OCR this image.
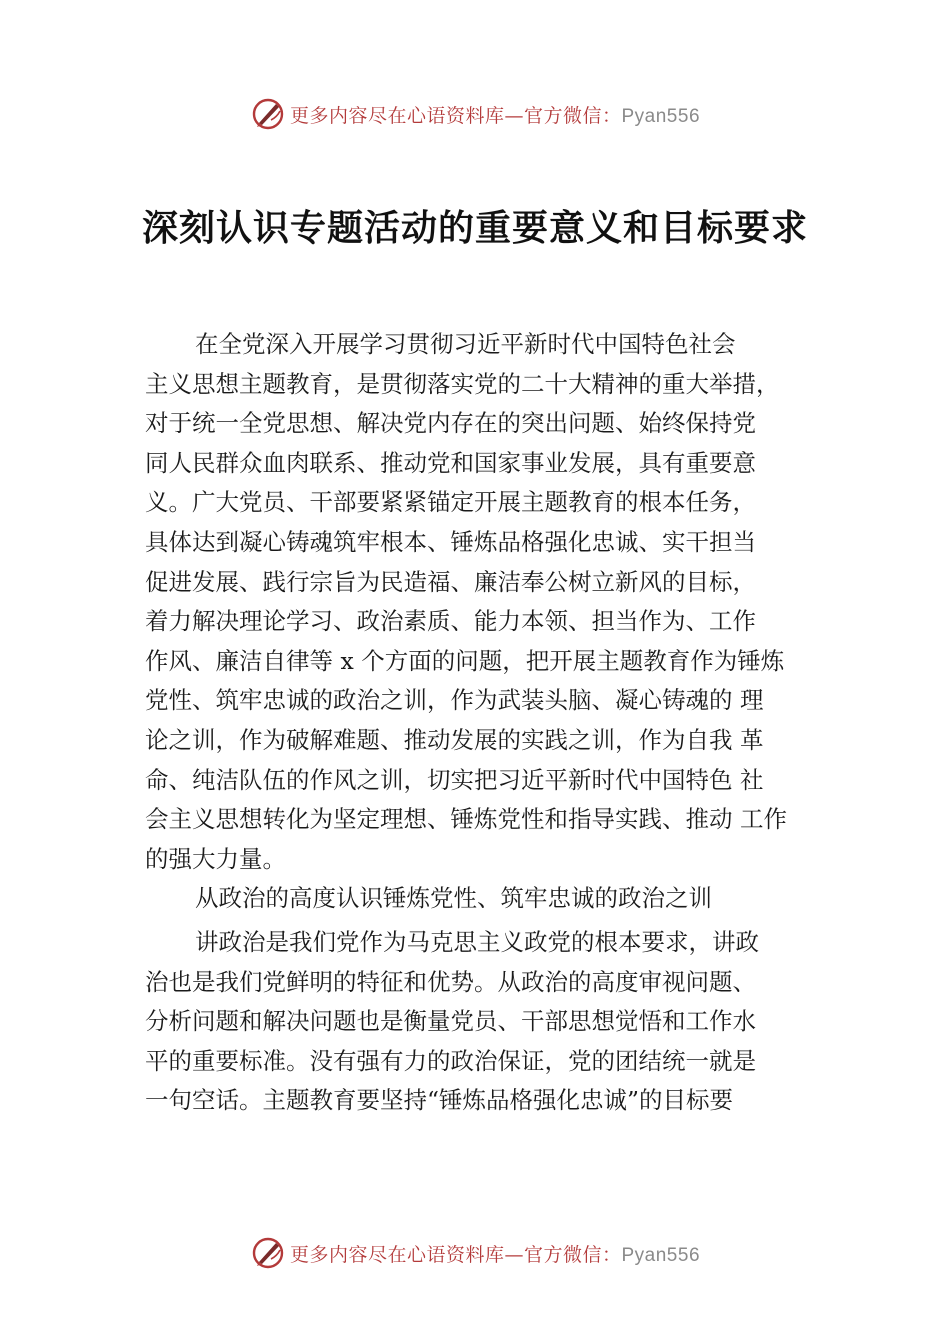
更多内容尽在心语资料库—官方微信：Pyan556
深刻认识专题活动的重要意义和目标要求
在全党深入开展学习贯彻习近平新时代中国特色社会
主义思想主题教育，是贯彻落实党的二十大精神的重大举措，
对于统一全党思想、解决党内存在的突出问题、始终保持党
同人民群众血肉联系、推动党和国家事业发展，具有重要意
义。广大党员、干部要紧紧锚定开展主题教育的根本任务，
具体达到凝心铸魂筑牢根本、锤炼品格强化忠诚、实干担当
促进发展、践行宗旨为民造福、廉洁奉公树立新风的目标，
着力解决理论学习、政治素质、能力本领、担当作为、工作
作风、廉洁自律等 x 个方面的问题，把开展主题教育作为锤炼
党性、筑牢忠诚的政治之训，作为武装头脑、凝心铸魂的 理
论之训，作为破解难题、推动发展的实践之训，作为自我 革
命、纯洁队伍的作风之训，切实把习近平新时代中国特色 社
会主义思想转化为坚定理想、锤炼党性和指导实践、推动 工作
的强大力量。
从政治的高度认识锤炼党性、筑牢忠诚的政治之训
讲政治是我们党作为马克思主义政党的根本要求，讲政
治也是我们党鲜明的特征和优势。从政治的高度审视问题、
分析问题和解决问题也是衡量党员、干部思想觉悟和工作水
平的重要标准。没有强有力的政治保证，党的团结统一就是
一句空话。主题教育要坚持“锤炼品格强化忠诚”的目标要
更多内容尽在心语资料库—官方微信：Pyan556
